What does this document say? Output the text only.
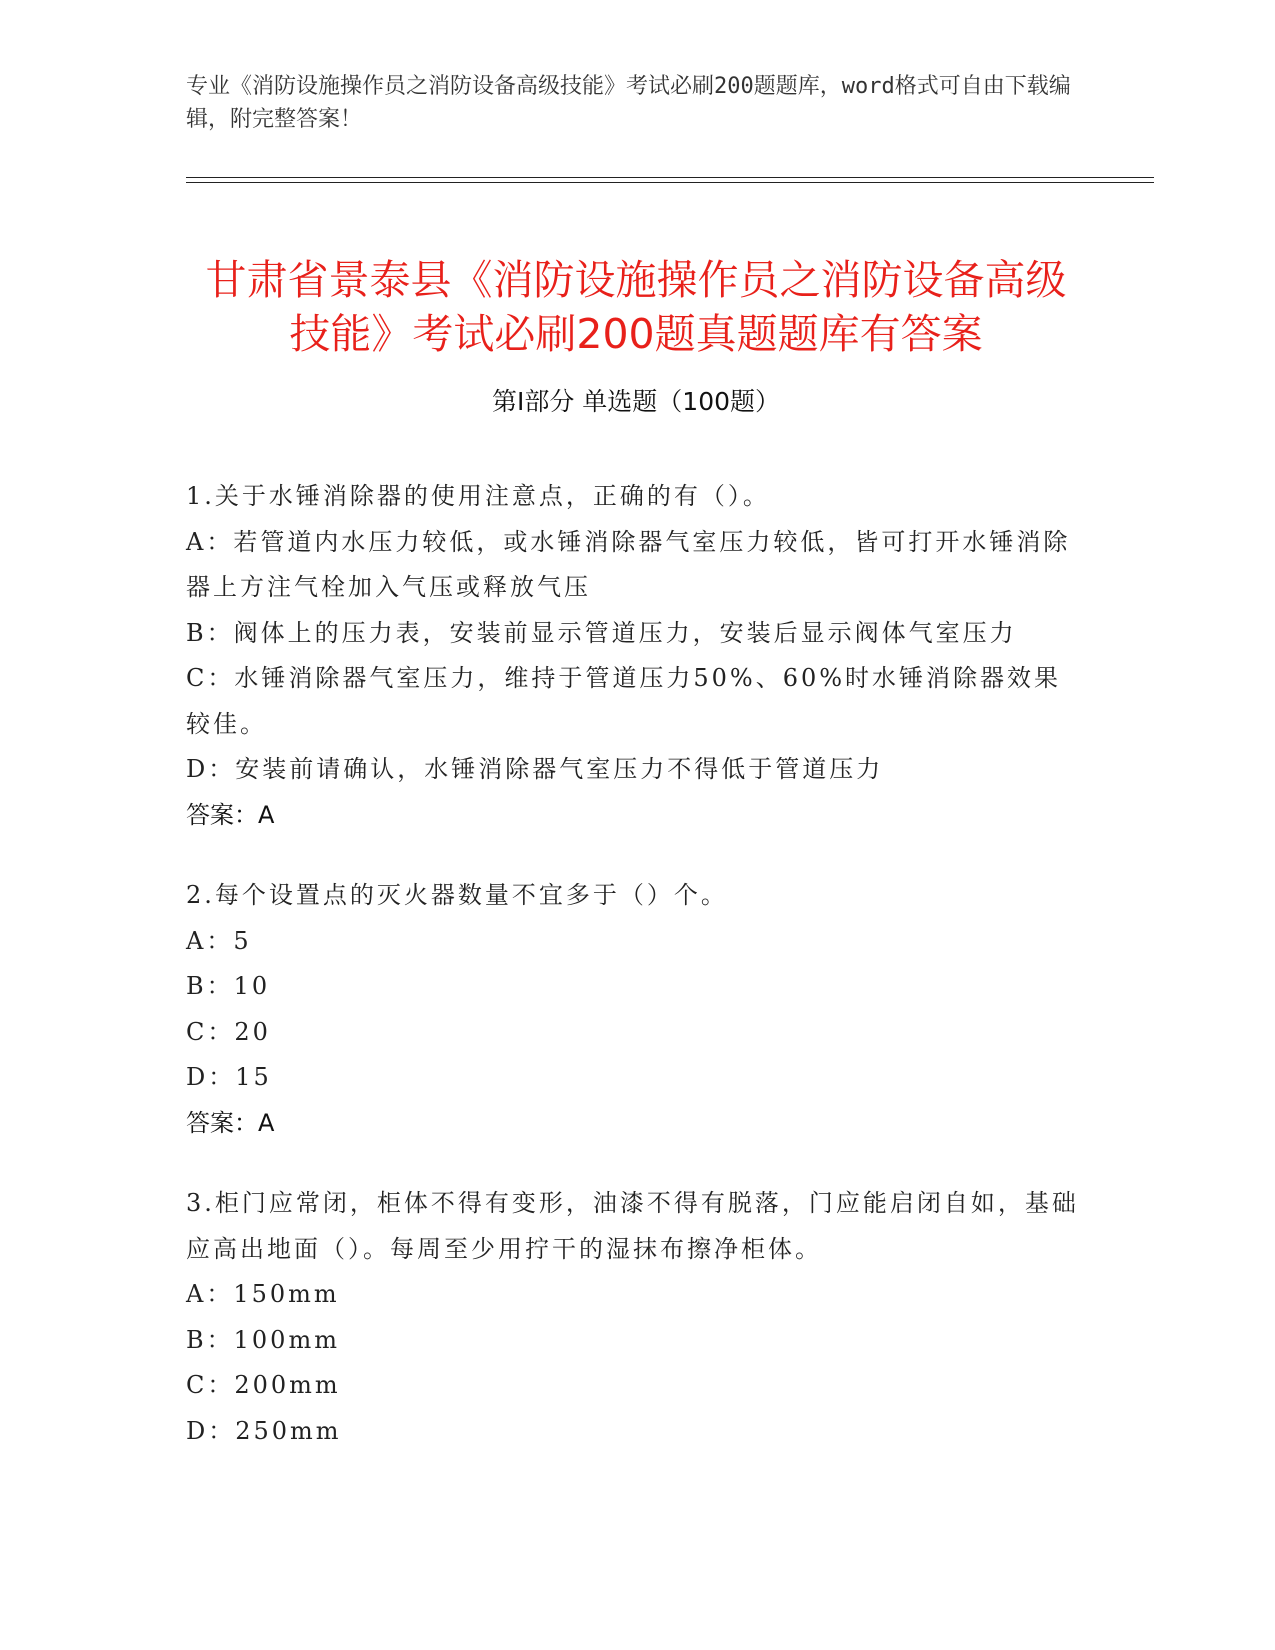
专业《消防设施操作员之消防设备高级技能》考试必刷200题题库，word格式可自由下载编辑，附完整答案！
甘肃省景泰县《消防设施操作员之消防设备高级技能》考试必刷200题真题题库有答案
第I部分 单选题（100题）

1.关于水锤消除器的使用注意点，正确的有（）。

A：若管道内水压力较低，或水锤消除器气室压力较低，皆可打开水锤消除器上方注气栓加入气压或释放气压

B：阀体上的压力表，安装前显示管道压力，安装后显示阀体气室压力

C：水锤消除器气室压力，维持于管道压力50%、60%时水锤消除器效果较佳。

D：安装前请确认，水锤消除器气室压力不得低于管道压力

答案：A

2.每个设置点的灭火器数量不宜多于（）个。

A：5

B：10

C：20

D：15

答案：A

3.柜门应常闭，柜体不得有变形，油漆不得有脱落，门应能启闭自如，基础应高出地面（）。每周至少用拧干的湿抹布擦净柜体。

A：150mm

B：100mm

C：200mm

D：250mm
